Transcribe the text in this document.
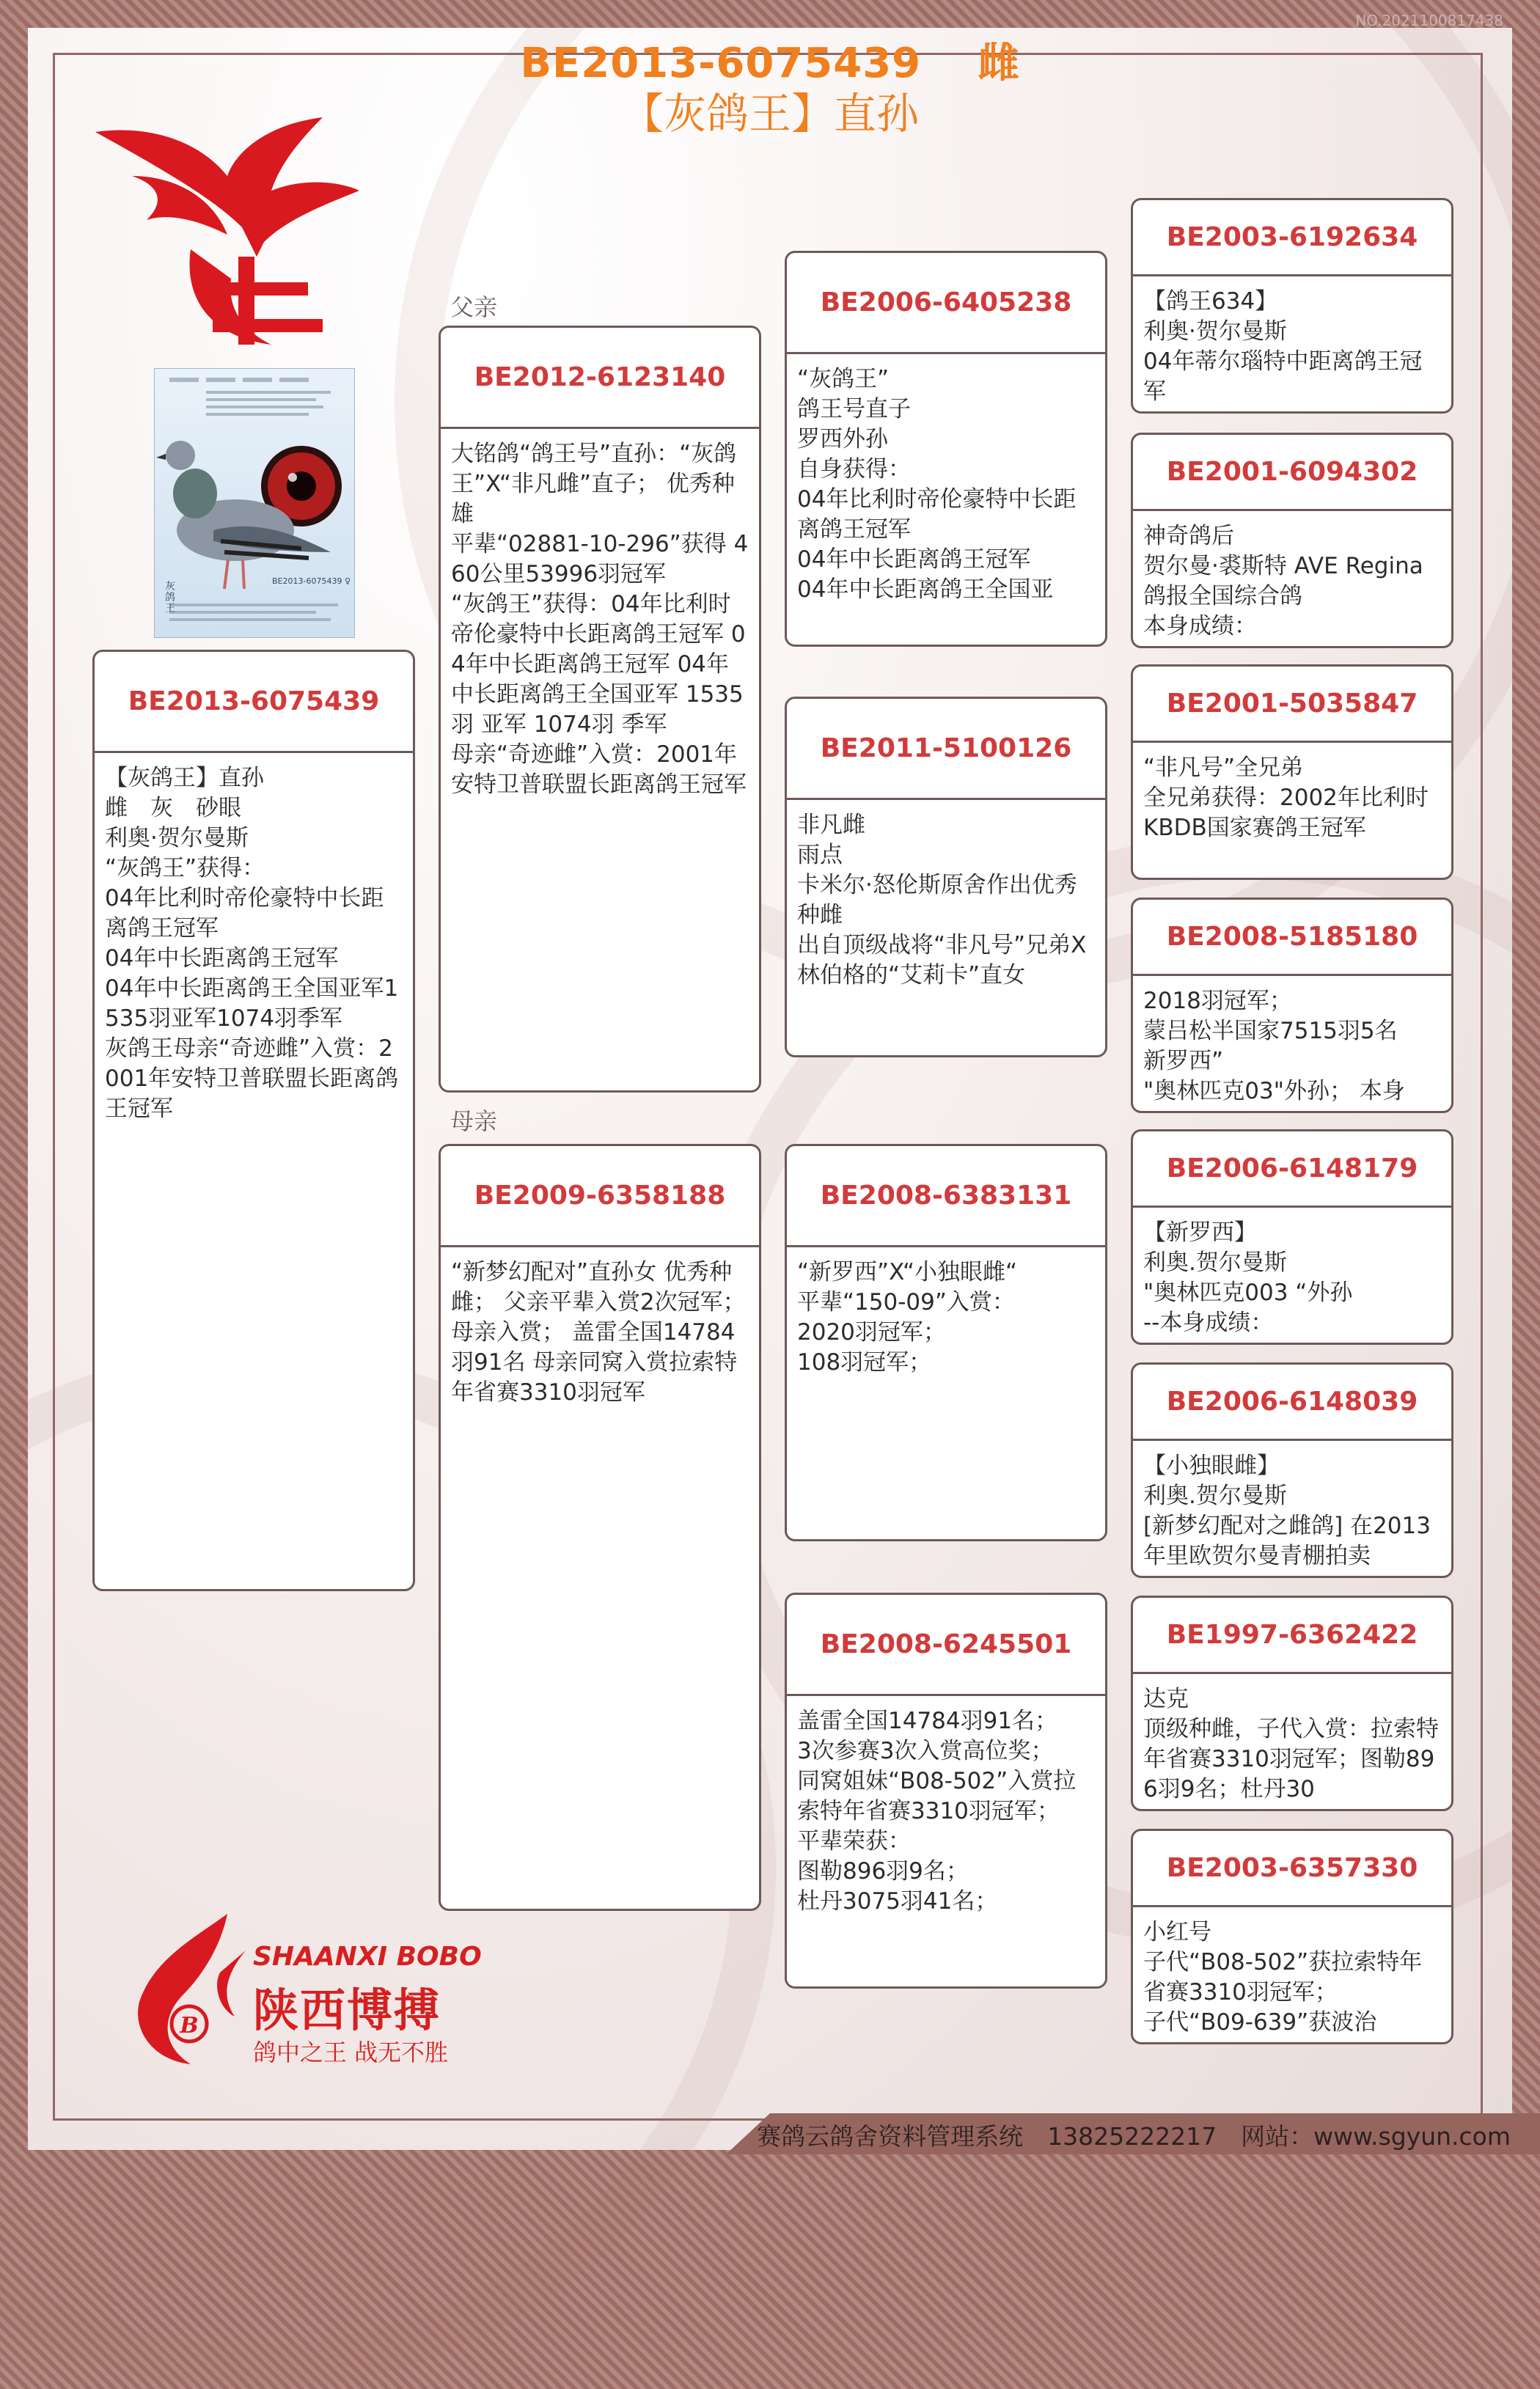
NO.2021100817438
BE2013-6075439　 雌
【灰鸽王】直孙
BE2013-6075439 ♀
灰鸽王
父亲
母亲
BE2013-6075439
【灰鸽王】直孙
雌　灰　砂眼
利奥·贺尔曼斯
“灰鸽王”获得：
04年比利时帝伦豪特中长距离鸽王冠军
04年中长距离鸽王冠军
04年中长距离鸽王全国亚军1535羽亚军1074羽季军
灰鸽王母亲“奇迹雌”入赏：2001年安特卫普联盟长距离鸽王冠军
BE2012-6123140
大铭鸽“鸽王号”直孙：“灰鸽王”X“非凡雌”直子； 优秀种雄
平辈“02881-10-296”获得 460公里53996羽冠军
“灰鸽王”获得：04年比利时帝伦豪特中长距离鸽王冠军 04年中长距离鸽王冠军 04年中长距离鸽王全国亚军 1535羽 亚军 1074羽 季军
母亲“奇迹雌”入赏：2001年安特卫普联盟长距离鸽王冠军
BE2009-6358188
“新梦幻配对”直孙女 优秀种雌； 父亲平辈入赏2次冠军； 母亲入赏； 盖雷全国14784羽91名 母亲同窝入赏拉索特年省赛3310羽冠军
BE2006-6405238
“灰鸽王”
鸽王号直子
罗西外孙
自身获得：
04年比利时帝伦豪特中长距离鸽王冠军
04年中长距离鸽王冠军
04年中长距离鸽王全国亚
BE2011-5100126
非凡雌
雨点
卡米尔·怒伦斯原舍作出优秀种雌
出自顶级战将“非凡号”兄弟X林伯格的“艾莉卡”直女
BE2008-6383131
“新罗西”X“小独眼雌“
平辈“150-09”入赏：
2020羽冠军；
108羽冠军；
BE2008-6245501
盖雷全国14784羽91名；
3次参赛3次入赏高位奖；
同窝姐妹“B08-502”入赏拉索特年省赛3310羽冠军；
平辈荣获：
图勒896羽9名；
杜丹3075羽41名；
BE2003-6192634
【鸽王634】
利奥·贺尔曼斯
04年蒂尔瑙特中距离鸽王冠军
BE2001-6094302
神奇鸽后
贺尔曼·裘斯特 AVE Regina鸽报全国综合鸽
本身成绩：
BE2001-5035847
“非凡号”全兄弟
全兄弟获得：2002年比利时
KBDB国家赛鸽王冠军
BE2008-5185180
2018羽冠军；
蒙吕松半国家7515羽5名
新罗西”
"奥林匹克03"外孙； 本身
BE2006-6148179
【新罗西】
利奥.贺尔曼斯
"奥林匹克003 “外孙
--本身成绩：
BE2006-6148039
【小独眼雌】
利奥.贺尔曼斯
[新梦幻配对之雌鸽] 在2013年里欧贺尔曼青棚拍卖
BE1997-6362422
达克
顶级种雌，子代入赏：拉索特年省赛3310羽冠军；图勒896羽9名；杜丹30
BE2003-6357330
小红号
子代“B08-502”获拉索特年省赛3310羽冠军；
子代“B09-639”获波治
B
SHAANXI BOBO
陕西博搏
鸽中之王 战无不胜
赛鸽云鸽舍资料管理系统　13825222217　网站：www.sgyun.com
